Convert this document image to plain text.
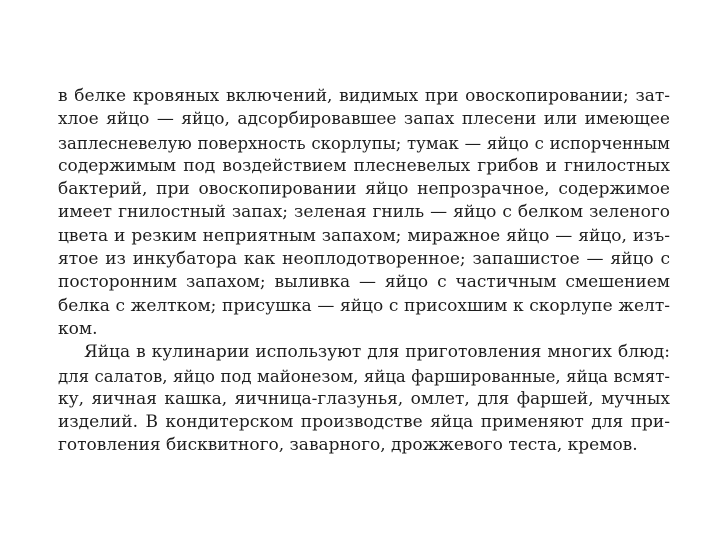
в белке кровяных включений, видимых при овоскопировании; зат-
хлое яйцо — яйцо, адсорбировавшее запах плесени или имеющее
заплесневелую поверхность скорлупы; тумак — яйцо с испорченным
содержимым под воздействием плесневелых грибов и гнилостных
бактерий, при овоскопировании яйцо непрозрачное, содержимое
имеет гнилостный запах; зеленая гниль — яйцо с белком зеленого
цвета и резким неприятным запахом; миражное яйцо — яйцо, изъ-
ятое из инкубатора как неоплодотворенное; запашистое — яйцо с
посторонним запахом; выливка — яйцо с частичным смешением
белка с желтком; присушка — яйцо с присохшим к скорлупе желт-
ком.
Яйца в кулинарии используют для приготовления многих блюд:
для салатов, яйцо под майонезом, яйца фаршированные, яйца всмят-
ку, яичная кашка, яичница-глазунья, омлет, для фаршей, мучных
изделий. В кондитерском производстве яйца применяют для при-
готовления бисквитного, заварного, дрожжевого теста, кремов.
